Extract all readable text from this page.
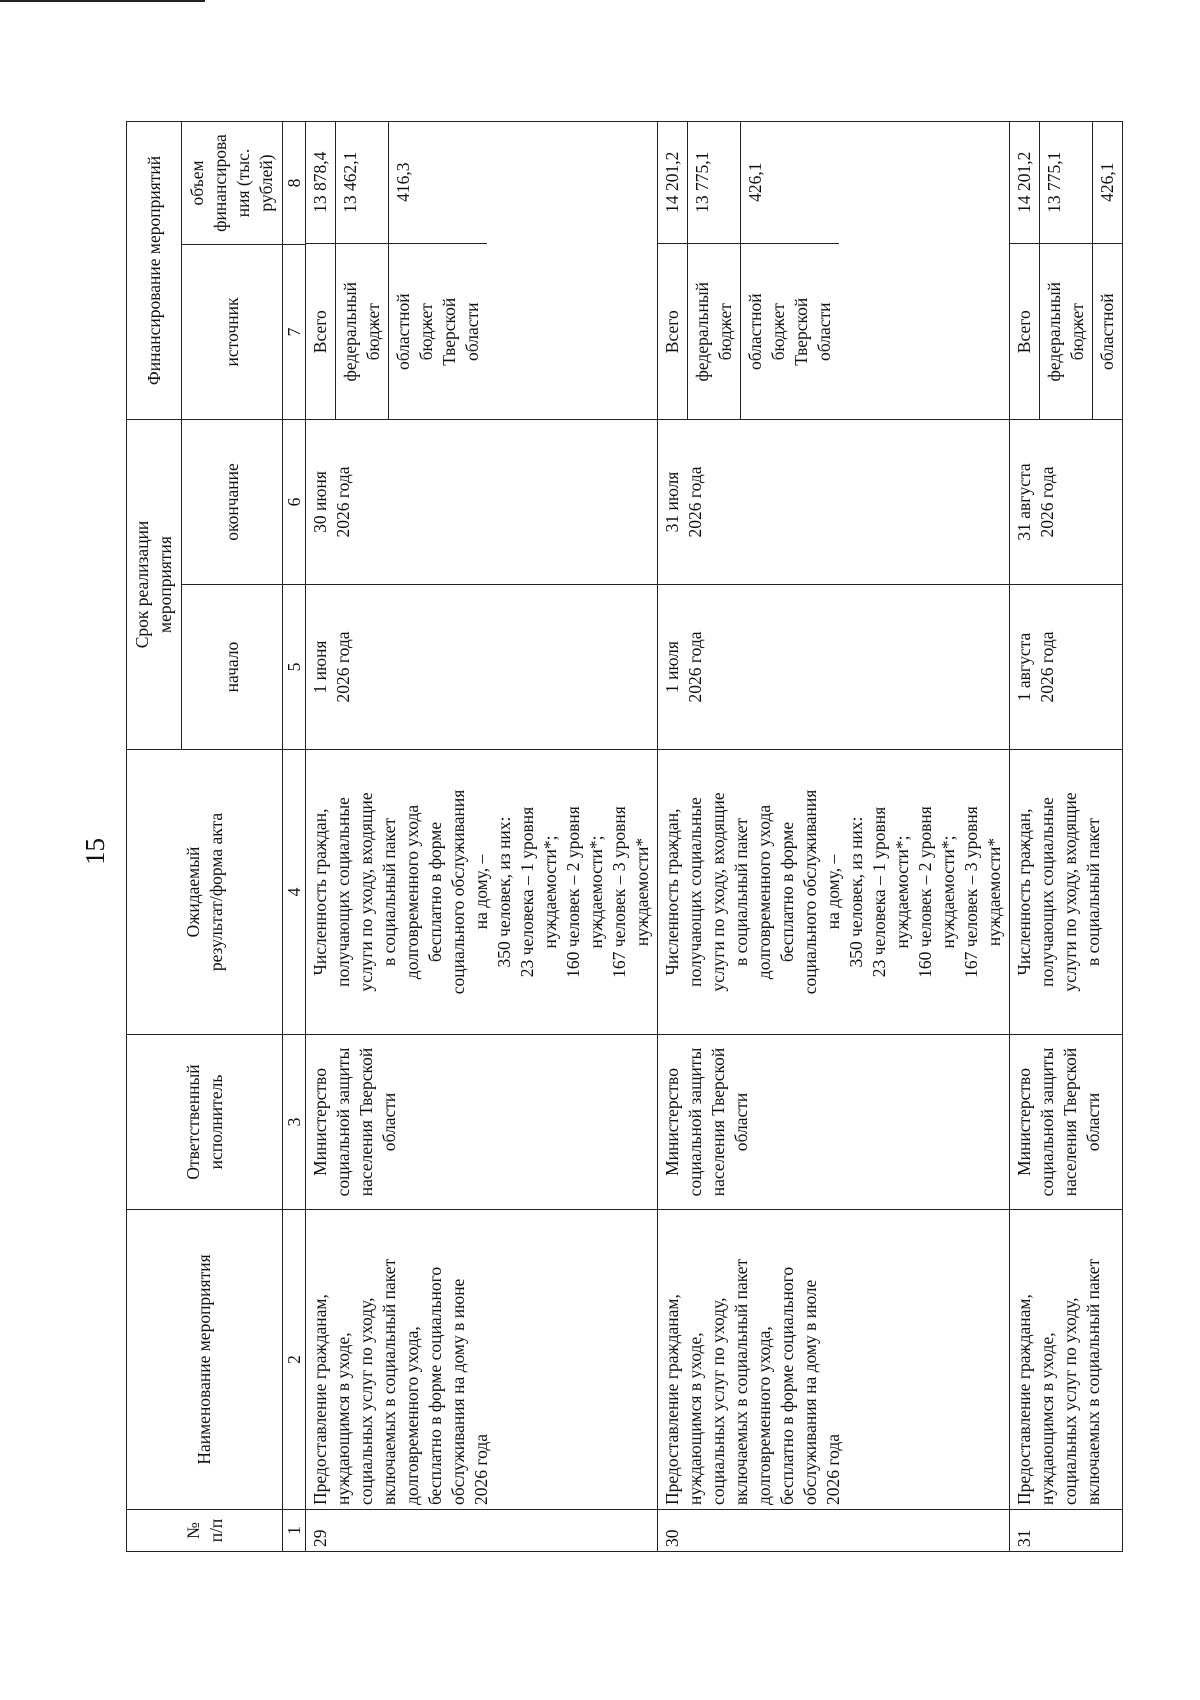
15
№
п/п	Наименование мероприятия	Ответственный
исполнитель	Ожидаемый
результат/форма акта	Срок реализации
мероприятия	Финансирование мероприятий
начало	окончание	источник	объем
финансирова
ния (тыс.
рублей)
1	2	3	4	5	6	7	8
29	Предоставление гражданам,
нуждающимся в уходе,
социальных услуг по уходу,
включаемых в социальный пакет
долговременного ухода,
бесплатно в форме социального
обслуживания на дому в июне
2026 года	Министерство
социальной защиты
населения Тверской
области	Численность граждан,
получающих социальные
услуги по уходу, входящие
в социальный пакет
долговременного ухода
бесплатно в форме
социального обслуживания
на дому, –
350 человек, из них:
23 человека – 1 уровня
нуждаемости*;
160 человек – 2 уровня
нуждаемости*;
167 человек – 3 уровня
нуждаемости*	1 июня
2026 года	30 июня
2026 года	
Всего	13 878,4
федеральный
бюджет	13 462,1
областной
бюджет
Тверской
области	416,3

30	Предоставление гражданам,
нуждающимся в уходе,
социальных услуг по уходу,
включаемых в социальный пакет
долговременного ухода,
бесплатно в форме социального
обслуживания на дому в июле
2026 года	Министерство
социальной защиты
населения Тверской
области	Численность граждан,
получающих социальные
услуги по уходу, входящие
в социальный пакет
долговременного ухода
бесплатно в форме
социального обслуживания
на дому, –
350 человек, из них:
23 человека – 1 уровня
нуждаемости*;
160 человек – 2 уровня
нуждаемости*;
167 человек – 3 уровня
нуждаемости*	1 июля
2026 года	31 июля
2026 года	
Всего	14 201,2
федеральный
бюджет	13 775,1
областной
бюджет
Тверской
области	426,1

31	Предоставление гражданам,
нуждающимся в уходе,
социальных услуг по уходу,
включаемых в социальный пакет	Министерство
социальной защиты
населения Тверской
области	Численность граждан,
получающих социальные
услуги по уходу, входящие
в социальный пакет	1 августа
2026 года	31 августа
2026 года	
Всего	14 201,2
федеральный
бюджет	13 775,1
областной	426,1
